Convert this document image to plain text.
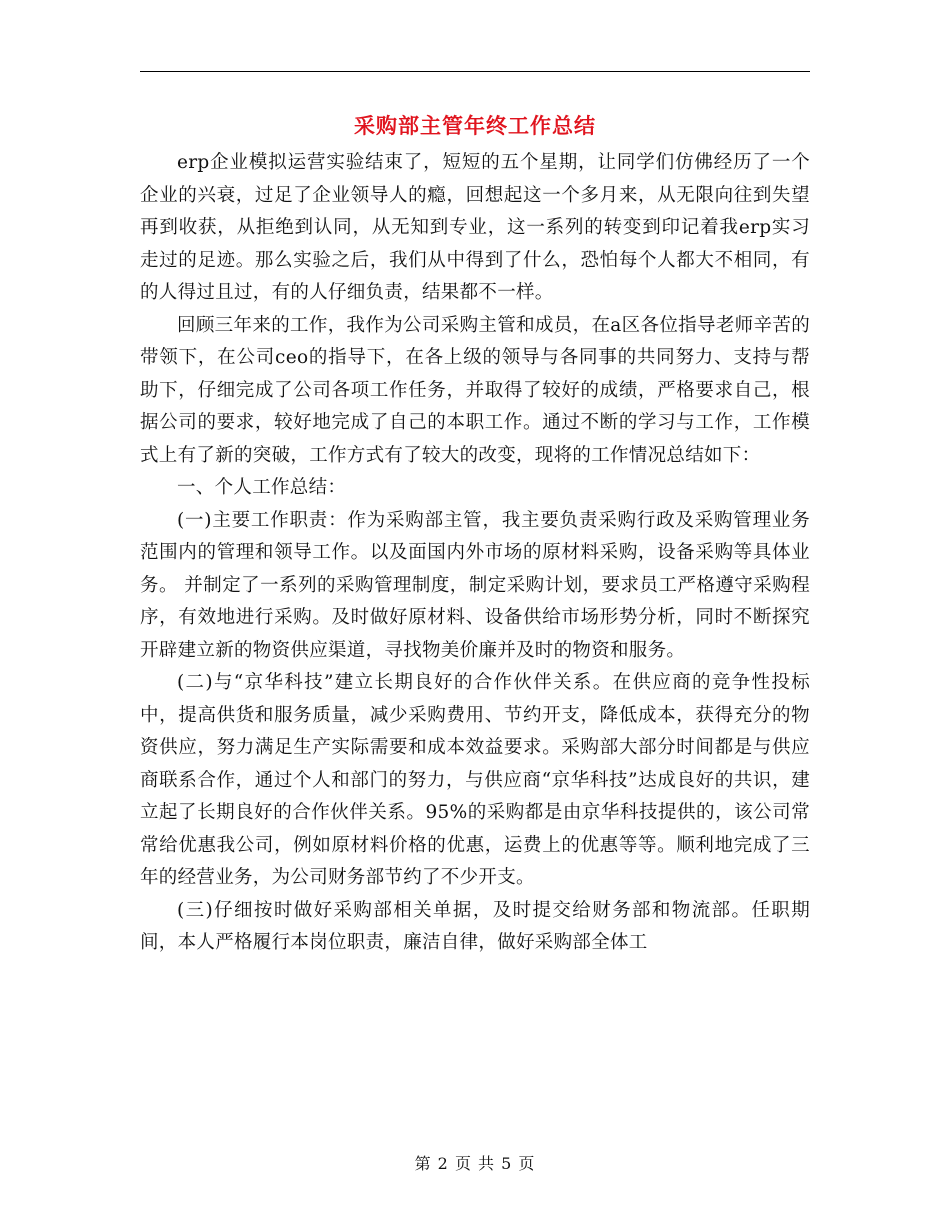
采购部主管年终工作总结

erp企业模拟运营实验结束了，短短的五个星期，让同学们仿佛经历了一个企业的兴衰，过足了企业领导人的瘾，回想起这一个多月来，从无限向往到失望再到收获，从拒绝到认同，从无知到专业，这一系列的转变到印记着我erp实习走过的足迹。那么实验之后，我们从中得到了什么，恐怕每个人都大不相同，有的人得过且过，有的人仔细负责，结果都不一样。

回顾三年来的工作，我作为公司采购主管和成员，在a区各位指导老师辛苦的带领下，在公司ceo的指导下，在各上级的领导与各同事的共同努力、支持与帮助下，仔细完成了公司各项工作任务，并取得了较好的成绩，严格要求自己，根据公司的要求，较好地完成了自己的本职工作。通过不断的学习与工作，工作模式上有了新的突破，工作方式有了较大的改变，现将的工作情况总结如下：

一、个人工作总结：

(一)主要工作职责：作为采购部主管，我主要负责采购行政及采购管理业务范围内的管理和领导工作。以及面国内外市场的原材料采购，设备采购等具体业务。 并制定了一系列的采购管理制度，制定采购计划，要求员工严格遵守采购程序，有效地进行采购。及时做好原材料、设备供给市场形势分析，同时不断探究开辟建立新的物资供应渠道，寻找物美价廉并及时的物资和服务。

(二)与“京华科技”建立长期良好的合作伙伴关系。在供应商的竞争性投标中，提高供货和服务质量，减少采购费用、节约开支，降低成本，获得充分的物资供应，努力满足生产实际需要和成本效益要求。采购部大部分时间都是与供应商联系合作，通过个人和部门的努力，与供应商“京华科技”达成良好的共识，建立起了长期良好的合作伙伴关系。95%的采购都是由京华科技提供的，该公司常常给优惠我公司，例如原材料价格的优惠，运费上的优惠等等。顺利地完成了三年的经营业务，为公司财务部节约了不少开支。

(三)仔细按时做好采购部相关单据，及时提交给财务部和物流部。任职期间，本人严格履行本岗位职责，廉洁自律，做好采购部全体工

第 2 页 共 5 页
